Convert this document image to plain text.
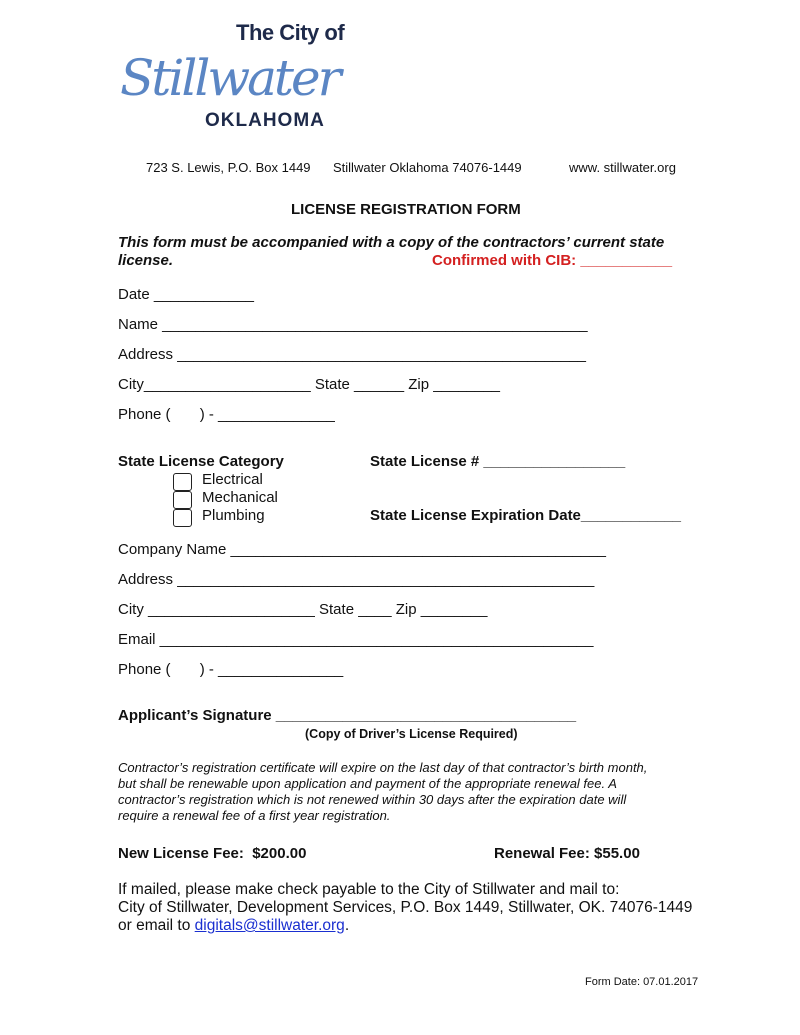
The City of
Stillwater
OKLAHOMA
723 S. Lewis, P.O. Box 1449 Stillwater Oklahoma 74076-1449	www. stillwater.org
LICENSE REGISTRATION FORM
This form must be accompanied with a copy of the contractors’ current state
license.	Confirmed with CIB: ___________
Date ____________
Name ___________________________________________________
Address _________________________________________________
City____________________ State ______ Zip ________
Phone (       ) - ______________
State License Category
Electrical
Mechanical
Plumbing
State License # _________________
State License Expiration Date____________
Company Name _____________________________________________
Address __________________________________________________
City ____________________ State ____ Zip ________
Email ____________________________________________________
Phone (       ) - _______________
Applicant’s Signature ____________________________________
(Copy of Driver’s License Required)
Contractor’s registration certificate will expire on the last day of that contractor’s birth month,
but shall be renewable upon application and payment of the appropriate renewal fee. A
contractor’s registration which is not renewed within 30 days after the expiration date will
require a renewal fee of a first year registration.
New License Fee:  $200.00	Renewal Fee: $55.00
If mailed, please make check payable to the City of Stillwater and mail to:
City of Stillwater, Development Services, P.O. Box 1449, Stillwater, OK. 74076-1449
or email to digitals@stillwater.org.
Form Date: 07.01.2017
